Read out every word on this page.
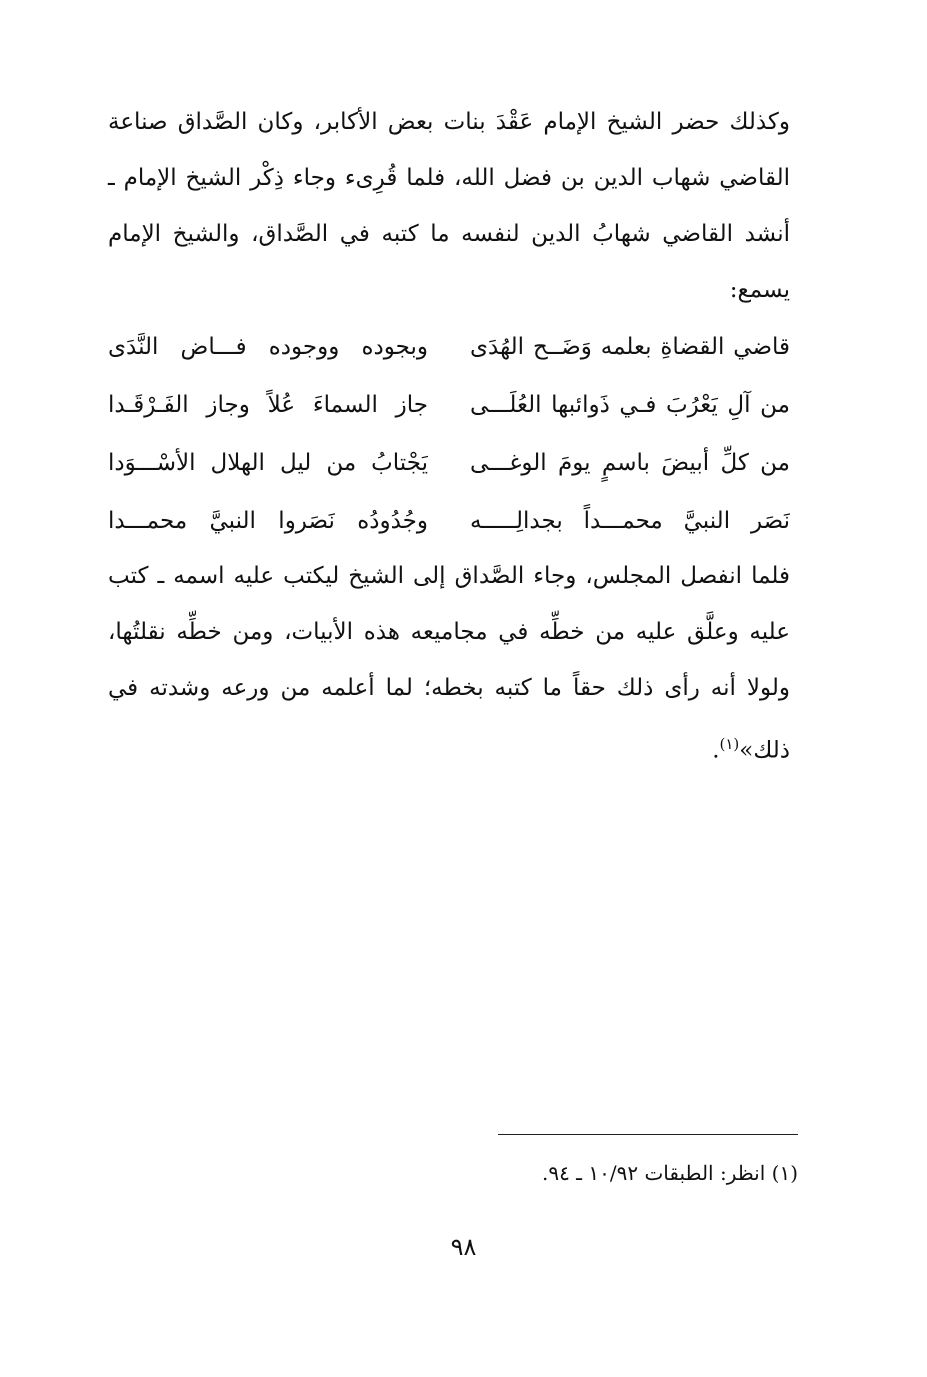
وكذلك حضر الشيخ الإمام عَقْدَ بنات بعض الأكابر، وكان الصَّداق صناعة القاضي شهاب الدين بن فضل الله، فلما قُرِىء وجاء ذِكْر الشيخ الإمام ـ أنشد القاضي شهابُ الدين لنفسه ما كتبه في الصَّداق، والشيخ الإمام يسمع:

قاضي القضاةِ بعلمه وَضَــح الهُدَى
وبجوده ووجوده فـــاض النَّدَى
من آلِ يَعْرُبَ فـي ذَوائبها العُلَـــى
جاز السماءَ عُلاً وجاز الفَـرْقَـدا
من كلِّ أبيضَ باسمٍ يومَ الوغـــى
يَجْتابُ من ليل الهلال الأسْـــوَدا
نَصَر النبيَّ محمـــداً بجدالِـــــه
وجُدُودُه نَصَروا النبيَّ محمـــدا

فلما انفصل المجلس، وجاء الصَّداق إلى الشيخ ليكتب عليه اسمه ـ كتب عليه وعلَّق عليه من خطِّه في مجاميعه هذه الأبيات، ومن خطِّه نقلتُها، ولولا أنه رأى ذلك حقاً ما كتبه بخطه؛ لما أعلمه من ورعه وشدته في ذلك»$^{(١)}$.

(١) انظر: الطبقات ١٠/٩٢ ـ ٩٤.
٩٨
